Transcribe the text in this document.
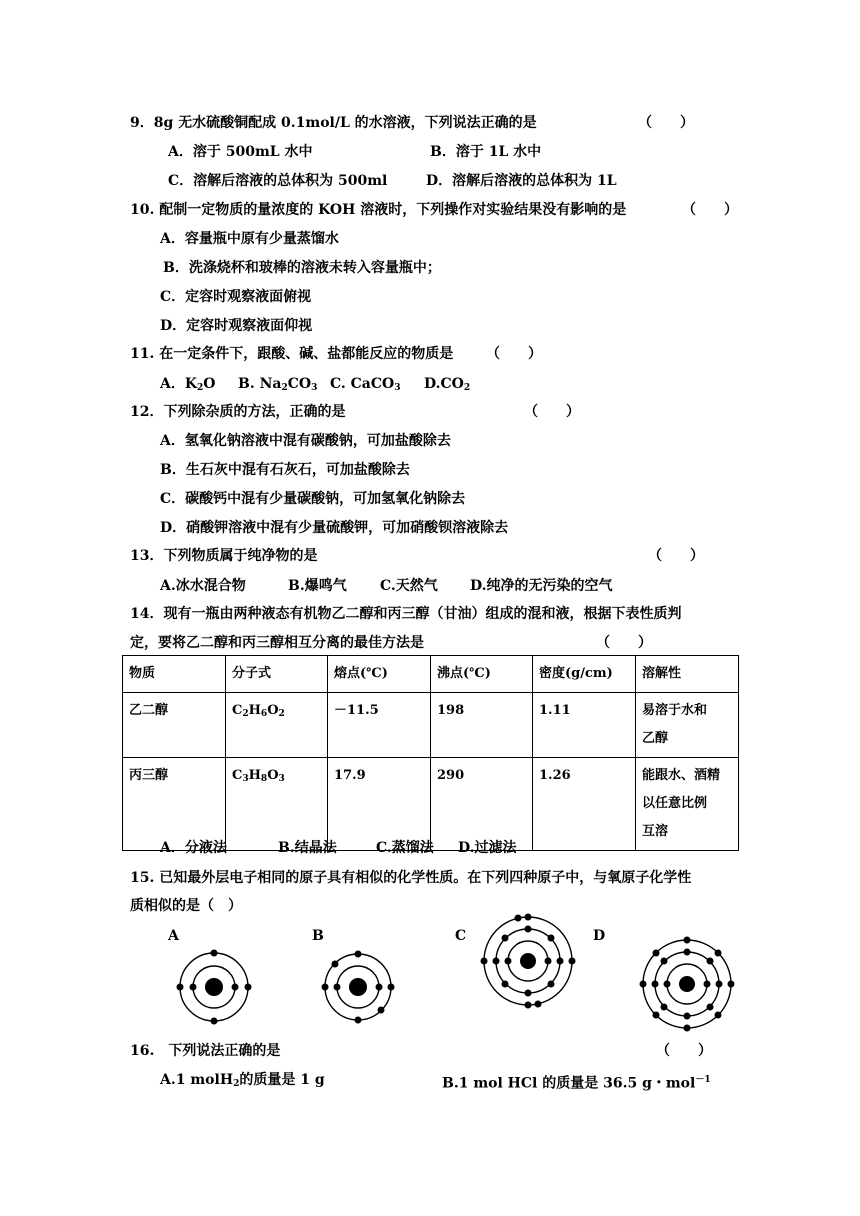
9．8g 无水硫酸铜配成 0.1mol/L 的水溶液，下列说法正确的是	（　　）
A．溶于 500mL 水中	B．溶于 1L 水中
C．溶解后溶液的总体积为 500ml	D．溶解后溶液的总体积为 1L
10. 配制一定物质的量浓度的 KOH 溶液时，下列操作对实验结果没有影响的是	（　　）
A．容量瓶中原有少量蒸馏水
B．洗涤烧杯和玻棒的溶液未转入容量瓶中；
C．定容时观察液面俯视
D．定容时观察液面仰视
11. 在一定条件下，跟酸、碱、盐都能反应的物质是 （　　）
A．$K_2O$ B. $Na_2CO_3$ C. CaCO$_3$ $D.CO_2$
12．下列除杂质的方法，正确的是	（　　）
A．氢氧化钠溶液中混有碳酸钠，可加盐酸除去
B．生石灰中混有石灰石，可加盐酸除去
C．碳酸钙中混有少量碳酸钠，可加氢氧化钠除去
D．硝酸钾溶液中混有少量硫酸钾，可加硝酸钡溶液除去
13．下列物质属于纯净物的是	（　　）
A.冰水混合物	B.爆鸣气 C.天然气 D.纯净的无污染的空气
14．现有一瓶由两种液态有机物乙二醇和丙三醇（甘油）组成的混和液，根据下表性质判
定，要将乙二醇和丙三醇相互分离的最佳方法是	（　　）
物质	分子式	熔点(℃)	沸点(℃)	密度(g/cm)	溶解性
乙二醇	$C_2H_6O_2$	－11.5	198	1.11	易溶于水和
乙醇

丙三醇	$C_3H_8O_3$	17.9	290	1.26	能跟水、酒精
以任意比例
互溶
A．分液法	B.结晶法	C.蒸馏法 D.过滤法
15. 已知最外层电子相同的原子具有相似的化学性质。在下列四种原子中，与氧原子化学性
质相似的是（　）
A	B	C	D
16.　下列说法正确的是	（　　）
A.1 molH$_2$的质量是 1 g	B.1 mol HCl 的质量是 36.5 g・mol$^{-1}$
